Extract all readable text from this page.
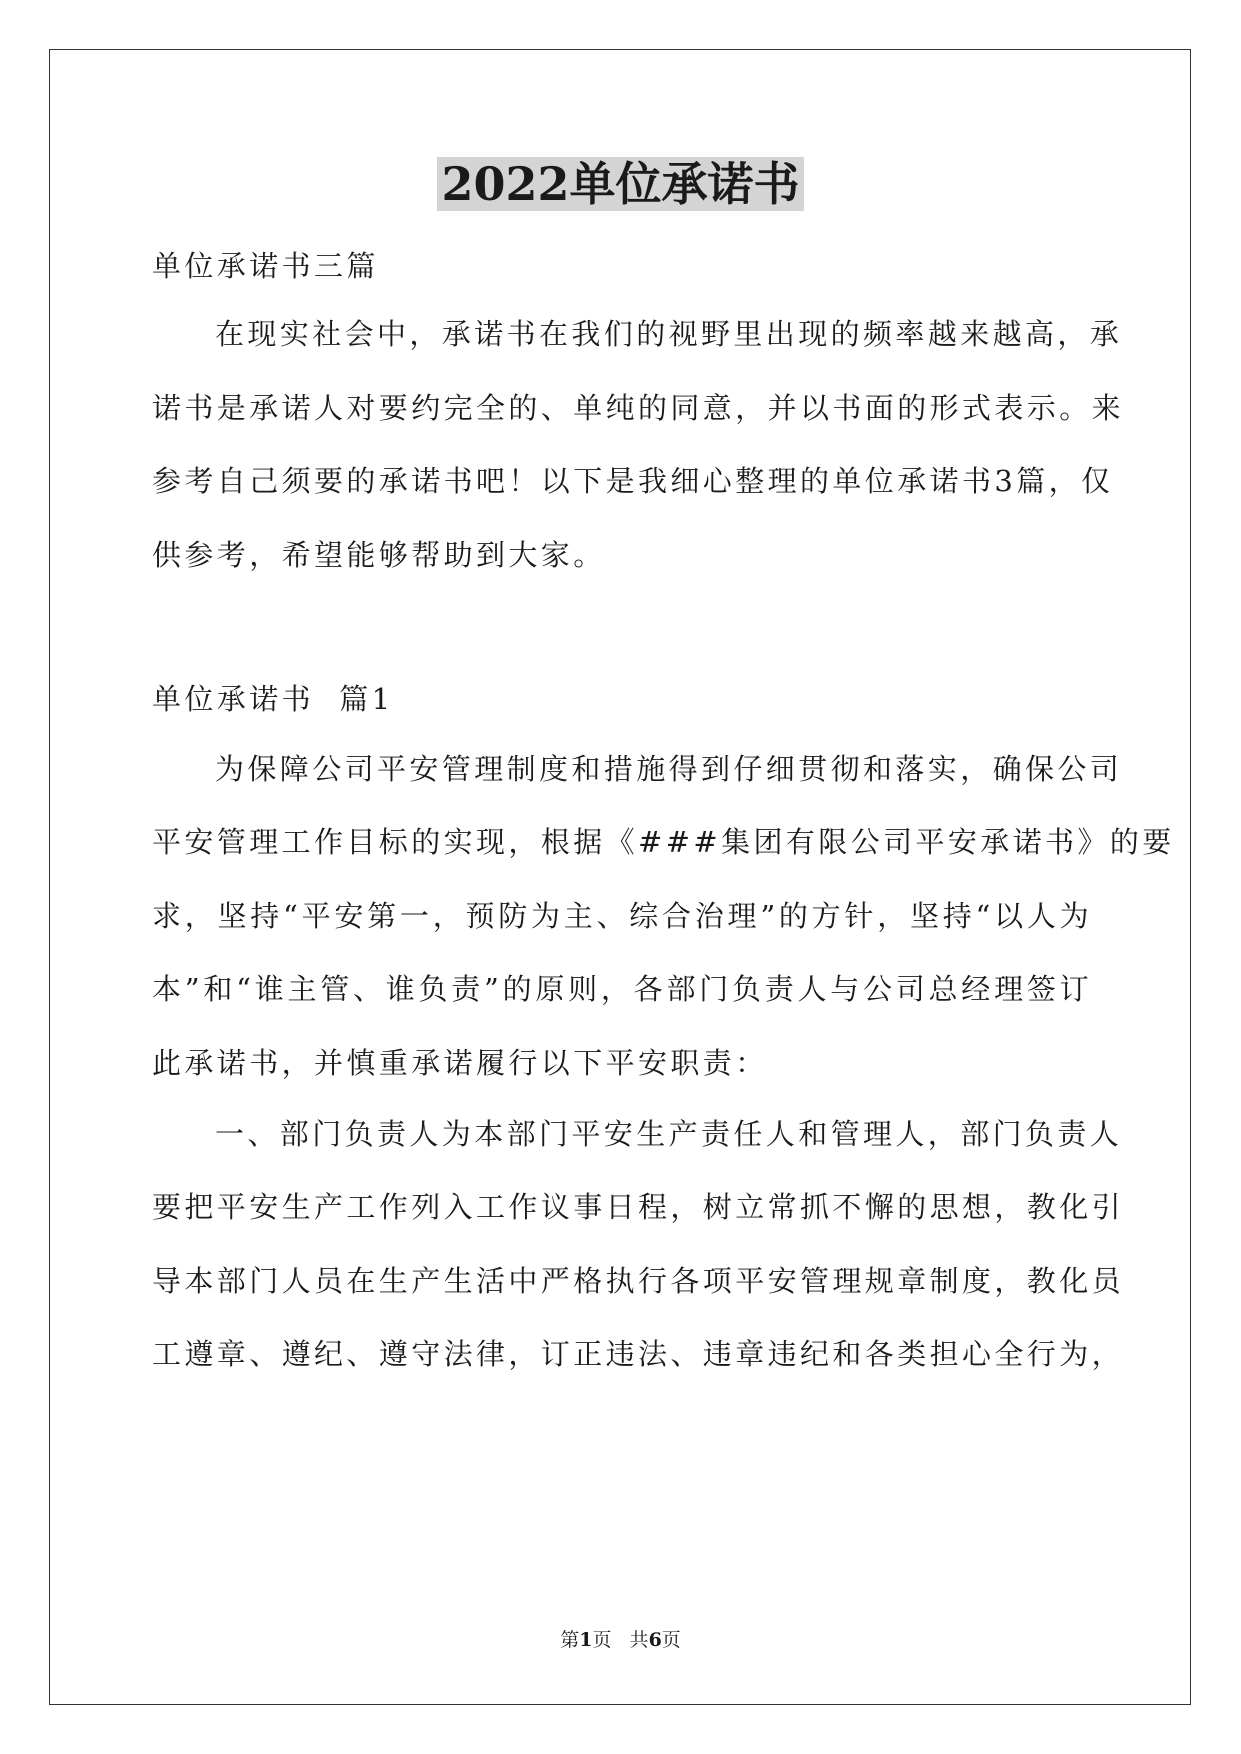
2022单位承诺书
单位承诺书三篇
在现实社会中，承诺书在我们的视野里出现的频率越来越高，承
诺书是承诺人对要约完全的、单纯的同意，并以书面的形式表示。来
参考自己须要的承诺书吧！以下是我细心整理的单位承诺书3篇，仅
供参考，希望能够帮助到大家。
单位承诺书  篇1
为保障公司平安管理制度和措施得到仔细贯彻和落实，确保公司
平安管理工作目标的实现，根据《###集团有限公司平安承诺书》的要
求，坚持“平安第一，预防为主、综合治理”的方针，坚持“以人为
本”和“谁主管、谁负责”的原则，各部门负责人与公司总经理签订
此承诺书，并慎重承诺履行以下平安职责：
一、部门负责人为本部门平安生产责任人和管理人，部门负责人
要把平安生产工作列入工作议事日程，树立常抓不懈的思想，教化引
导本部门人员在生产生活中严格执行各项平安管理规章制度，教化员
工遵章、遵纪、遵守法律，订正违法、违章违纪和各类担心全行为，
第1页   共6页
